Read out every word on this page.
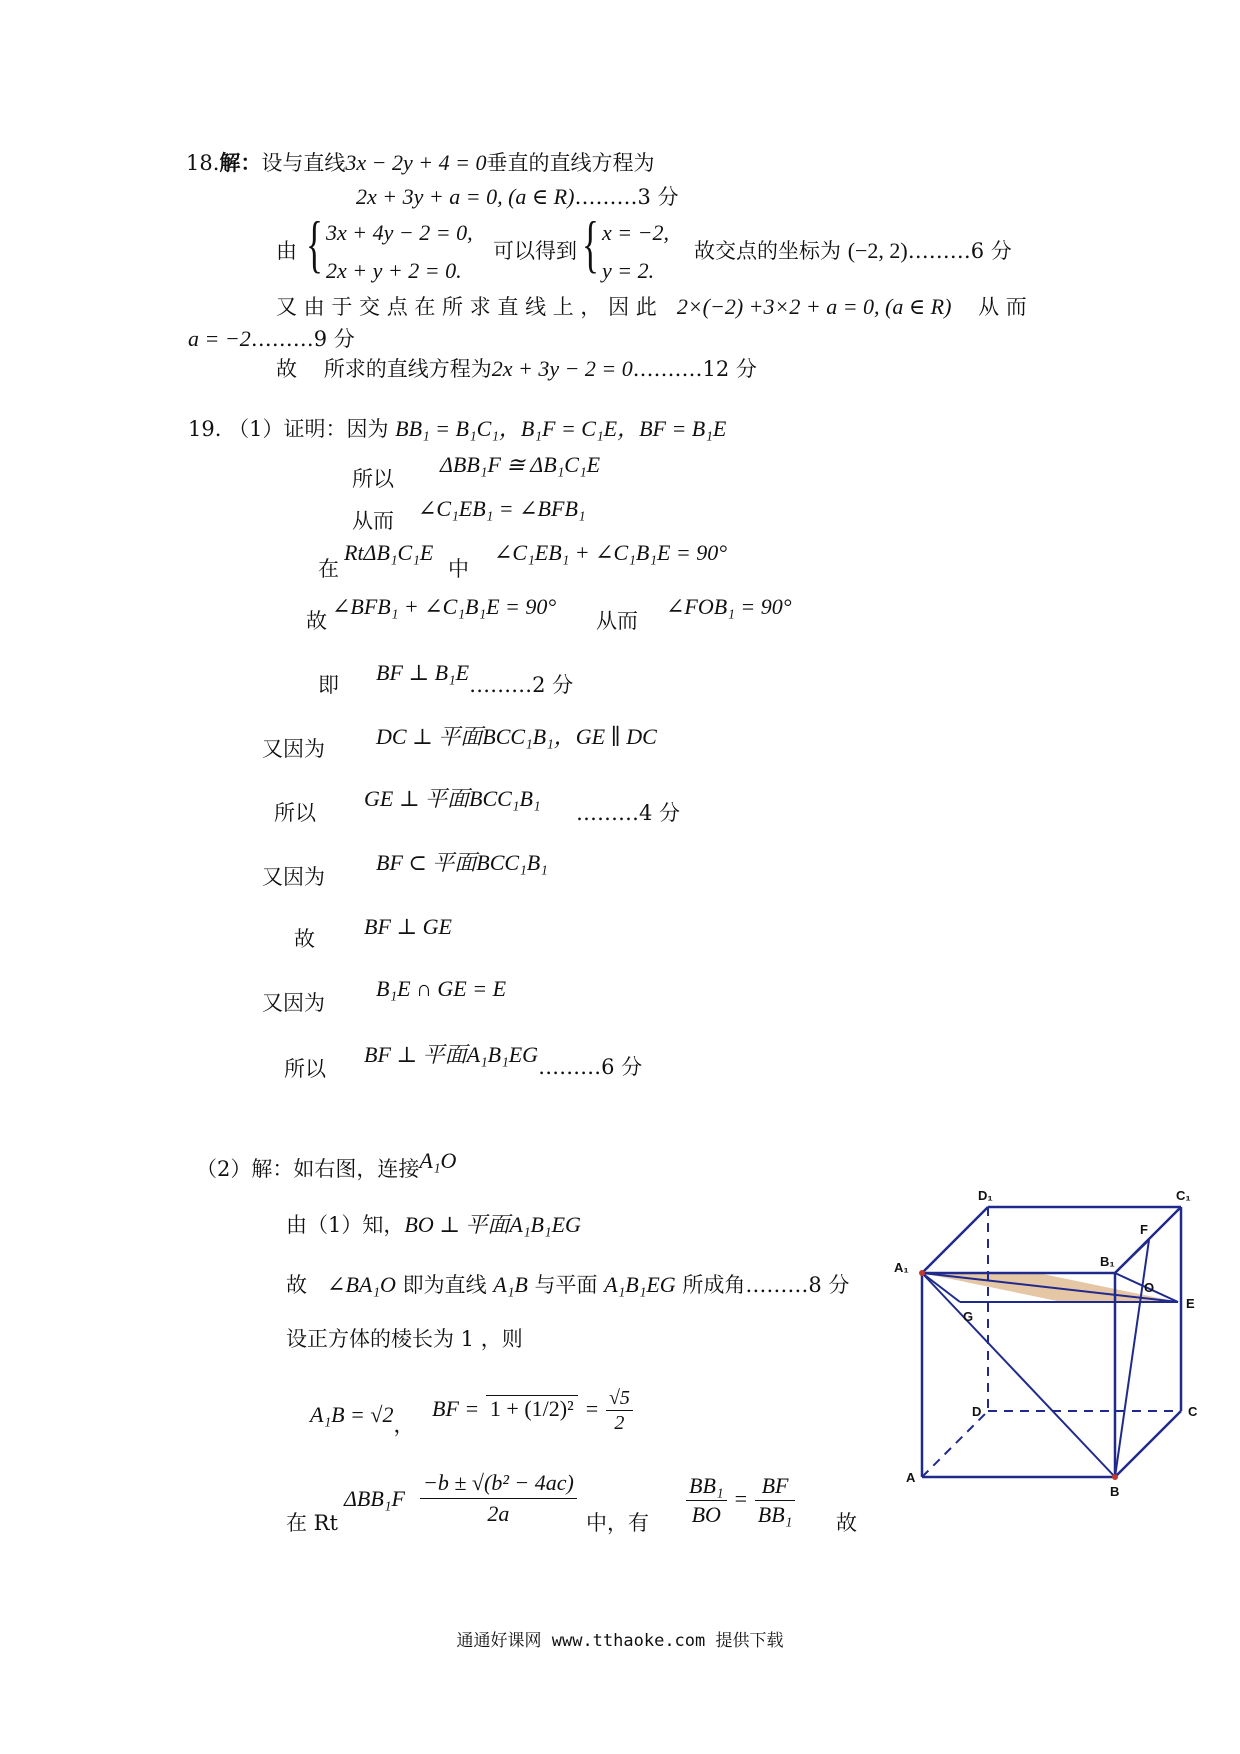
18.解：设与直线3x − 2y + 4 = 0垂直的直线方程为
2x + 3y + a = 0, (a ∈ R)………3 分
由 { 3x + 4y − 2 = 0,
2x + y + 2 = 0.
可以得到 { x = −2,
y = 2.
故交点的坐标为 (−2, 2)………6 分
又 由 于 交 点 在 所 求 直 线 上 ， 因 此 2×(−2) +3×2 + a = 0, (a ∈ R) 从 而
a = −2………9 分
故 所求的直线方程为2x + 3y − 2 = 0.………12 分
19. （1）证明：因为 BB₁ = B₁C₁，B₁F = C₁E，BF = B₁E
所以
ΔBB₁F ≅ ΔB₁C₁E
从而 ∠C₁EB₁ = ∠BFB₁
在
RtΔB₁C₁E
中
∠C₁EB₁ + ∠C₁B₁E = 90°
故
∠BFB₁ + ∠C₁B₁E = 90°
从而
∠FOB₁ = 90°
即 BF ⊥ B₁E………2 分
又因为 DC ⊥ 平面BCC₁B₁，GE ∥ DC
所以
GE ⊥ 平面BCC₁B₁
………4 分
又因为
BF ⊂ 平面BCC₁B₁
故 BF ⊥ GE
又因为
B₁E ∩ GE = E
所以
BF ⊥ 平面A₁B₁EG………6 分
（2）解：如右图，连接A₁O
由（1）知，BO ⊥ 平面A₁B₁EG
故 ∠BA₁O 即为直线 A₁B 与平面 A₁B₁EG 所成角………8 分
设正方体的棱长为 1 ，则
A₁B = √2，
BF = $1 + (1/2)^2 = \frac{√5}{2}$
在 Rt
$\Delta BB_1F \frac{\text{−b ± √(b² − 4ac)}}{2a}$ 中，有 $\frac{\text{BB₁}}{BO} = \frac{BF}{\text{BB₁}}$ 故
D₁	C₁
F
A₁	B₁
O
E
G
D	C
A
B
通通好课网 www.tthaoke.com 提供下载
